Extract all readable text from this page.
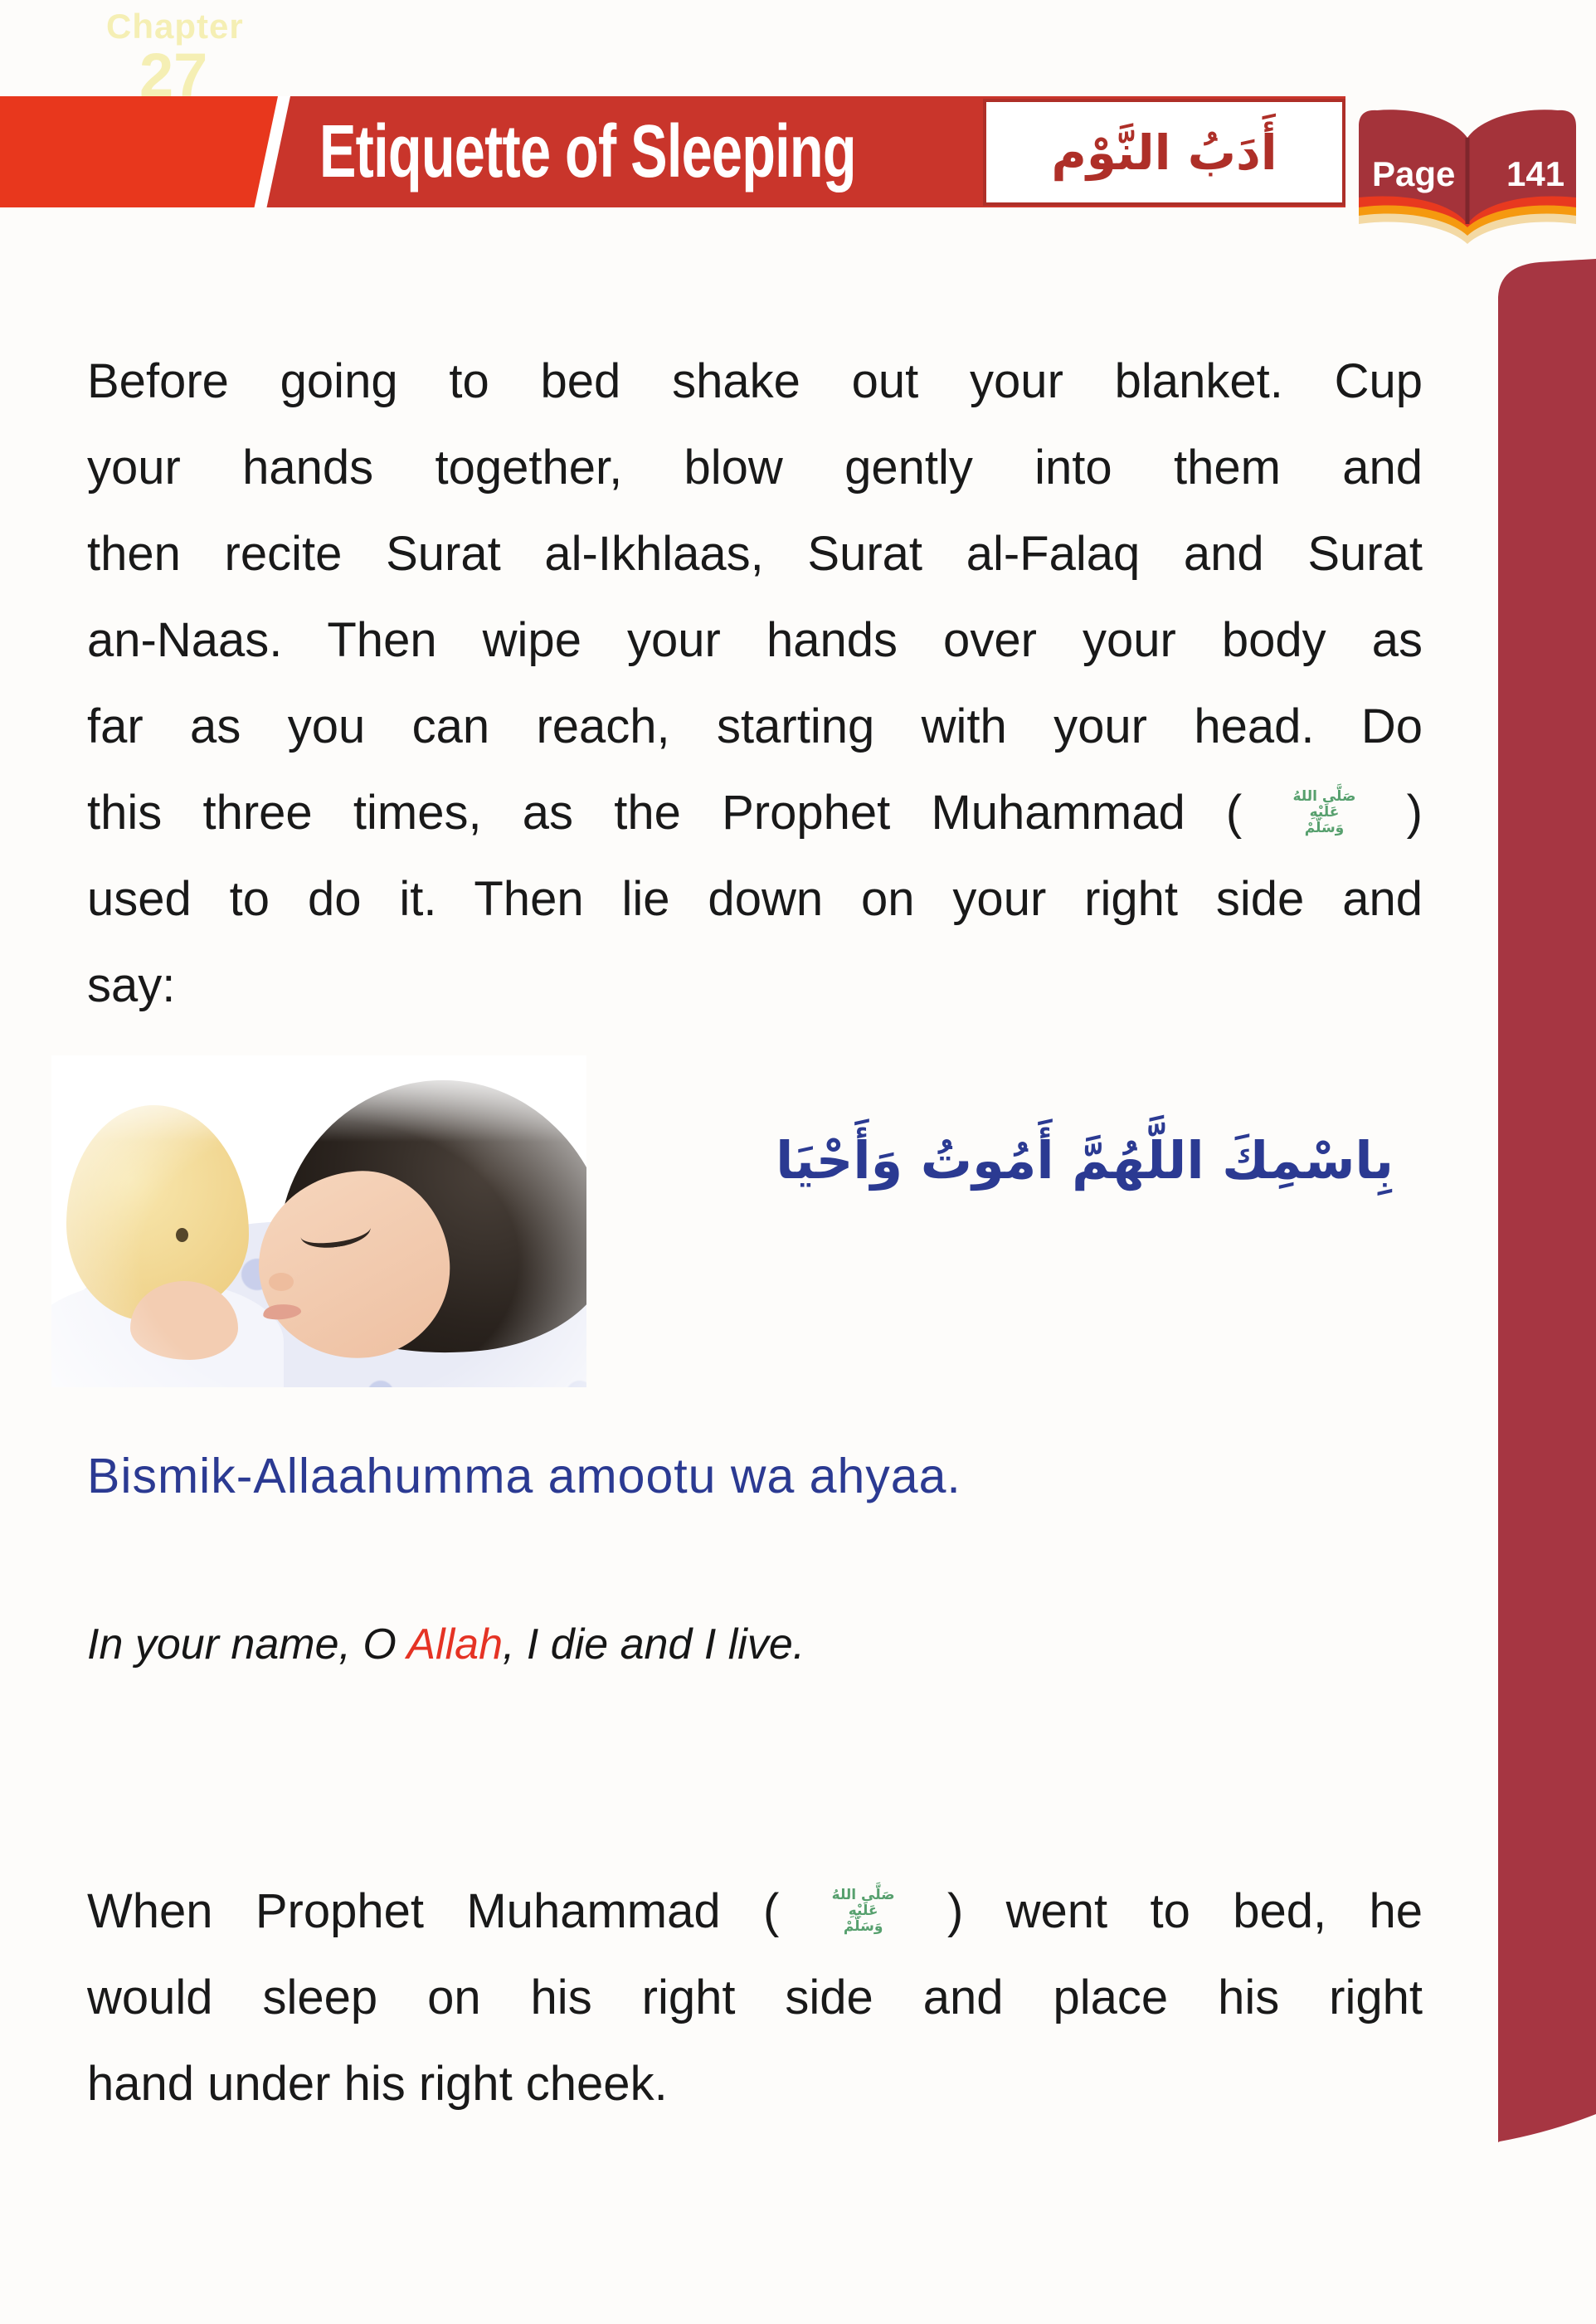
Chapter
27
Etiquette of Sleeping	أَدَبُ النَّوْم	Page 141
Before going to bed shake out your blanket. Cup
your hands together, blow gently into them and
then recite Surat al-Ikhlaas, Surat al-Falaq and Surat
an-Naas. Then wipe your hands over your body as
far as you can reach, starting with your head. Do
this three times, as the Prophet Muhammad ( صَلَّى اللهُ
عَلَيْهِ
وَسَلَّمْ )
used to do it. Then lie down on your right side and
say:
بِاسْمِكَ اللَّهُمَّ أَمُوتُ وَأَحْيَا
Bismik-Allaahumma amootu wa ahyaa.
In your name, O Allah, I die and I live.
When Prophet Muhammad ( صَلَّى اللهُ
عَلَيْهِ
وَسَلَّمْ ) went to bed, he
would sleep on his right side and place his right
hand under his right cheek.
